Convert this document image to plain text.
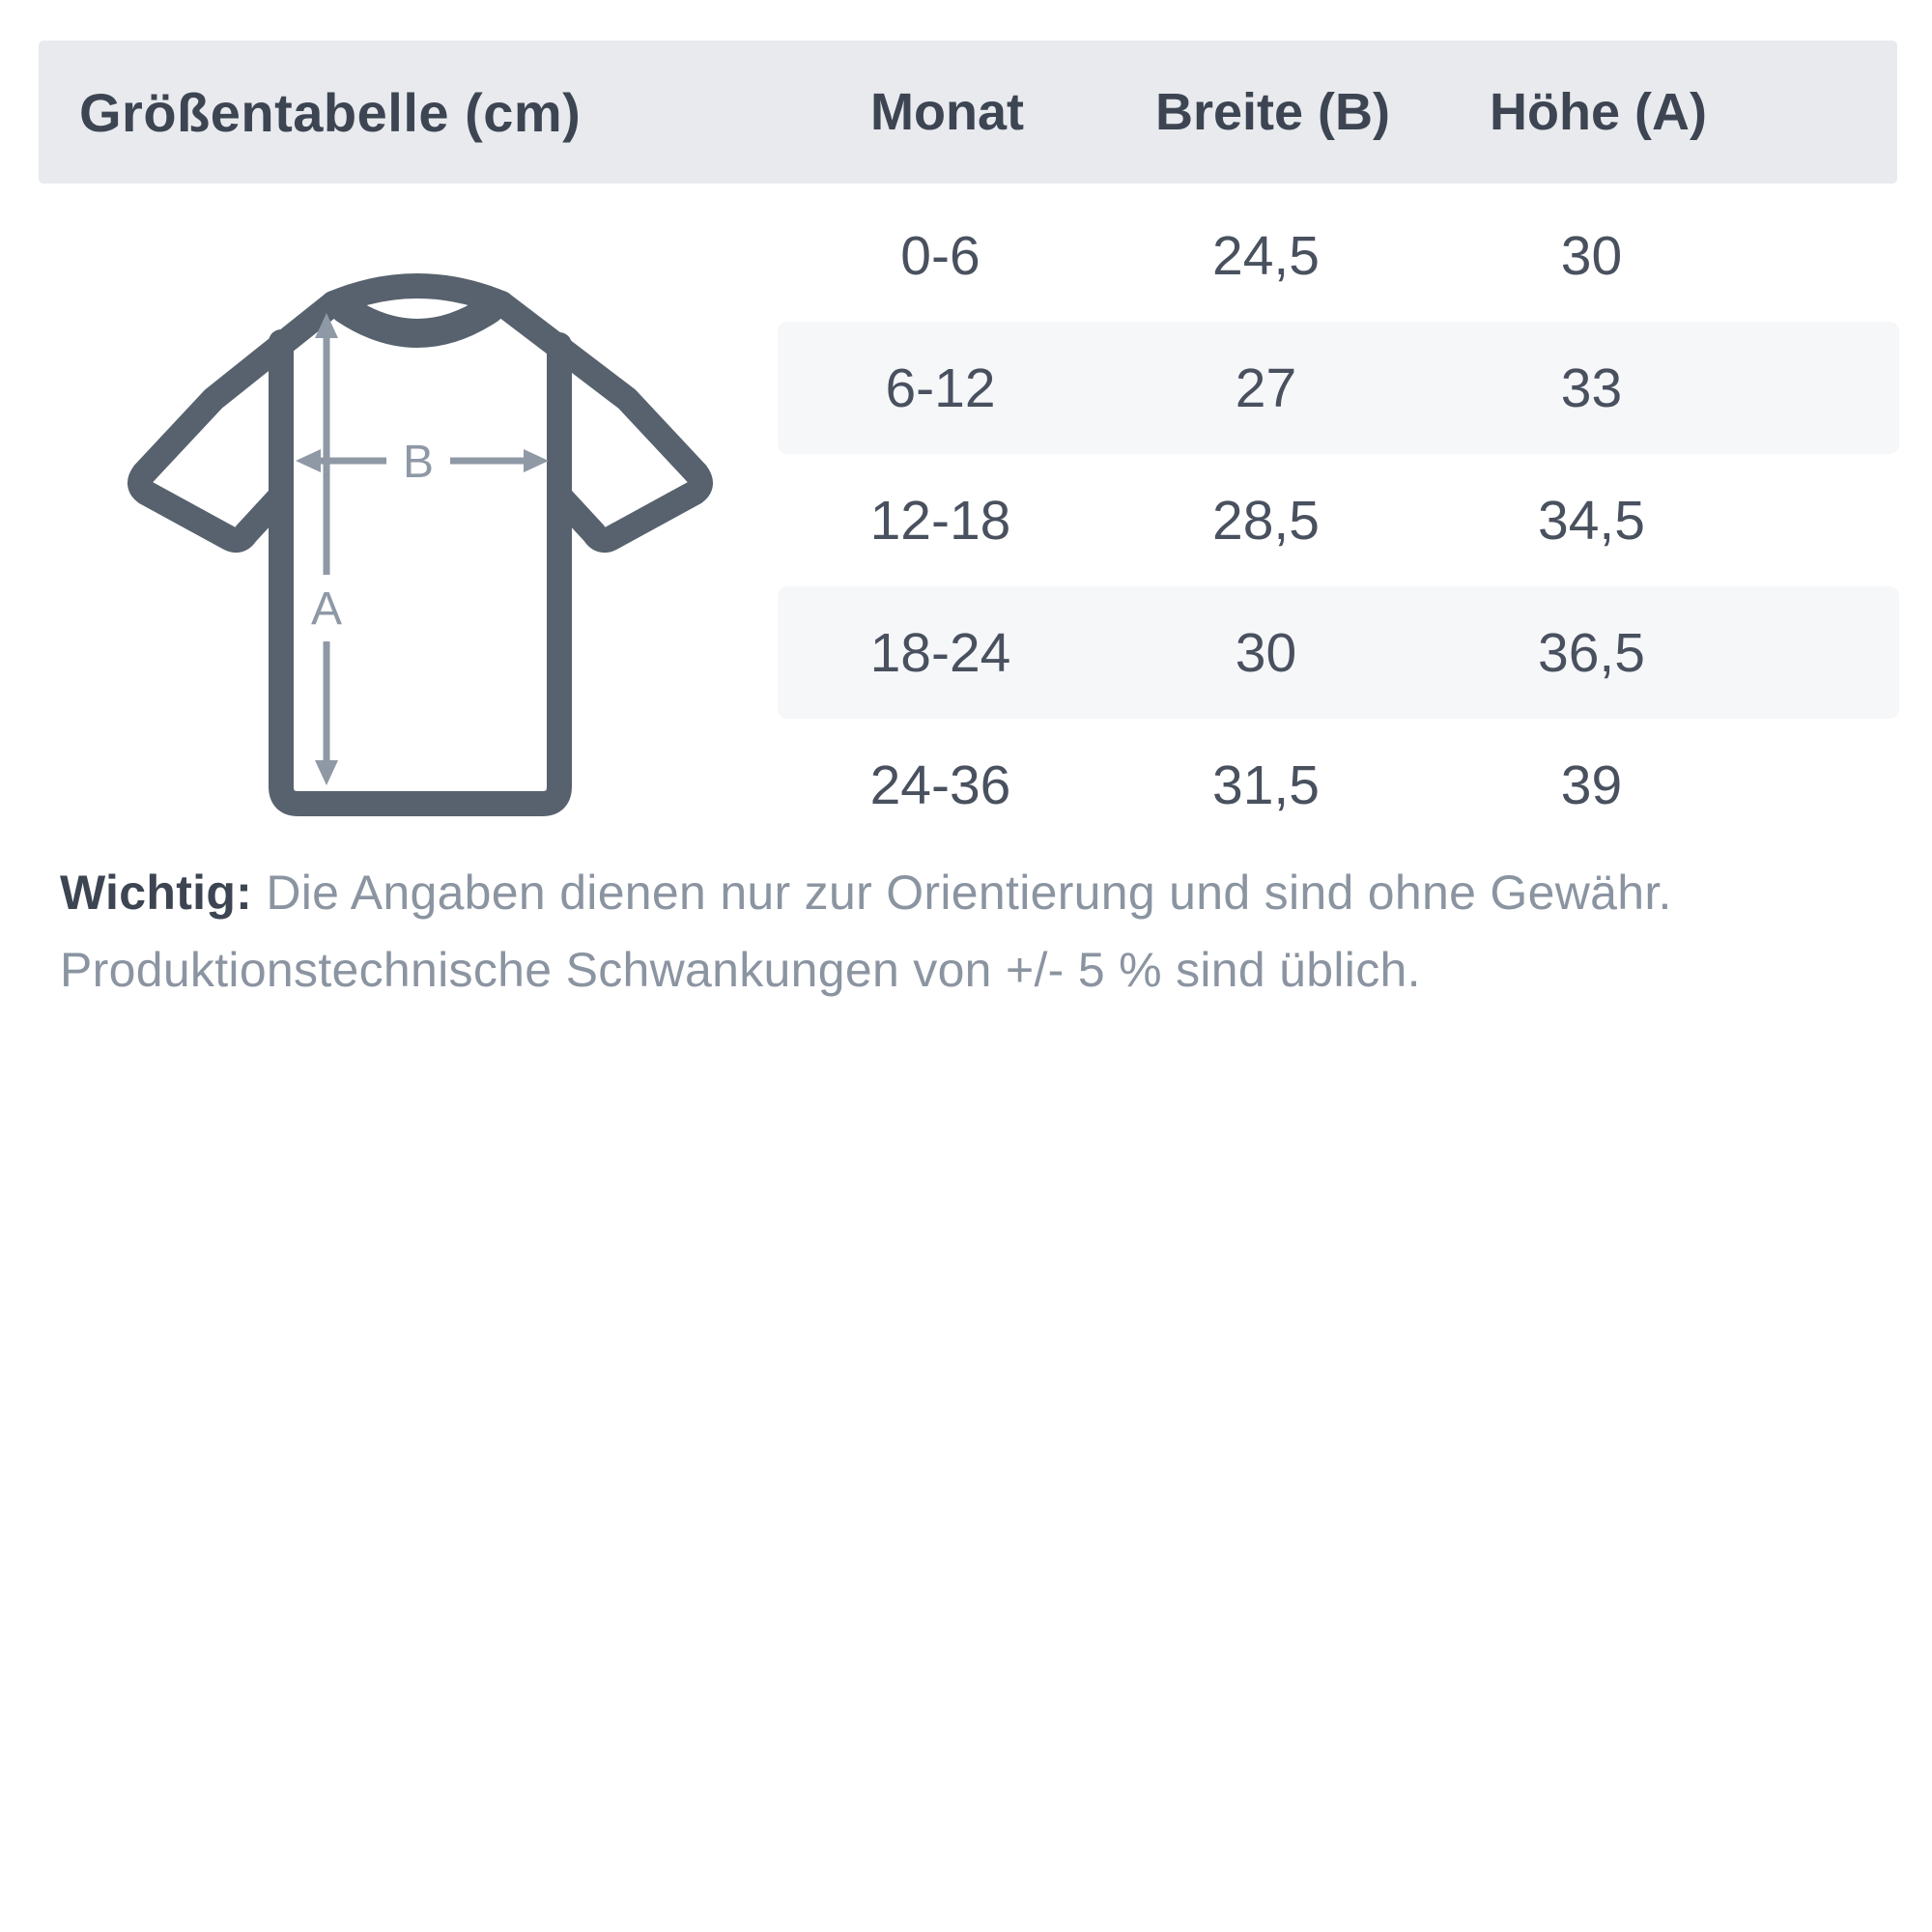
Größentabelle (cm)	Monat	Breite (B)	Höhe (A)
A
B
0-6	24,5	30
6-12	27	33
12-18	28,5	34,5
18-24	30	36,5
24-36	31,5	39
Wichtig: Die Angaben dienen nur zur Orientierung und sind ohne Gewähr.
Produktionstechnische Schwankungen von +/- 5 % sind üblich.
